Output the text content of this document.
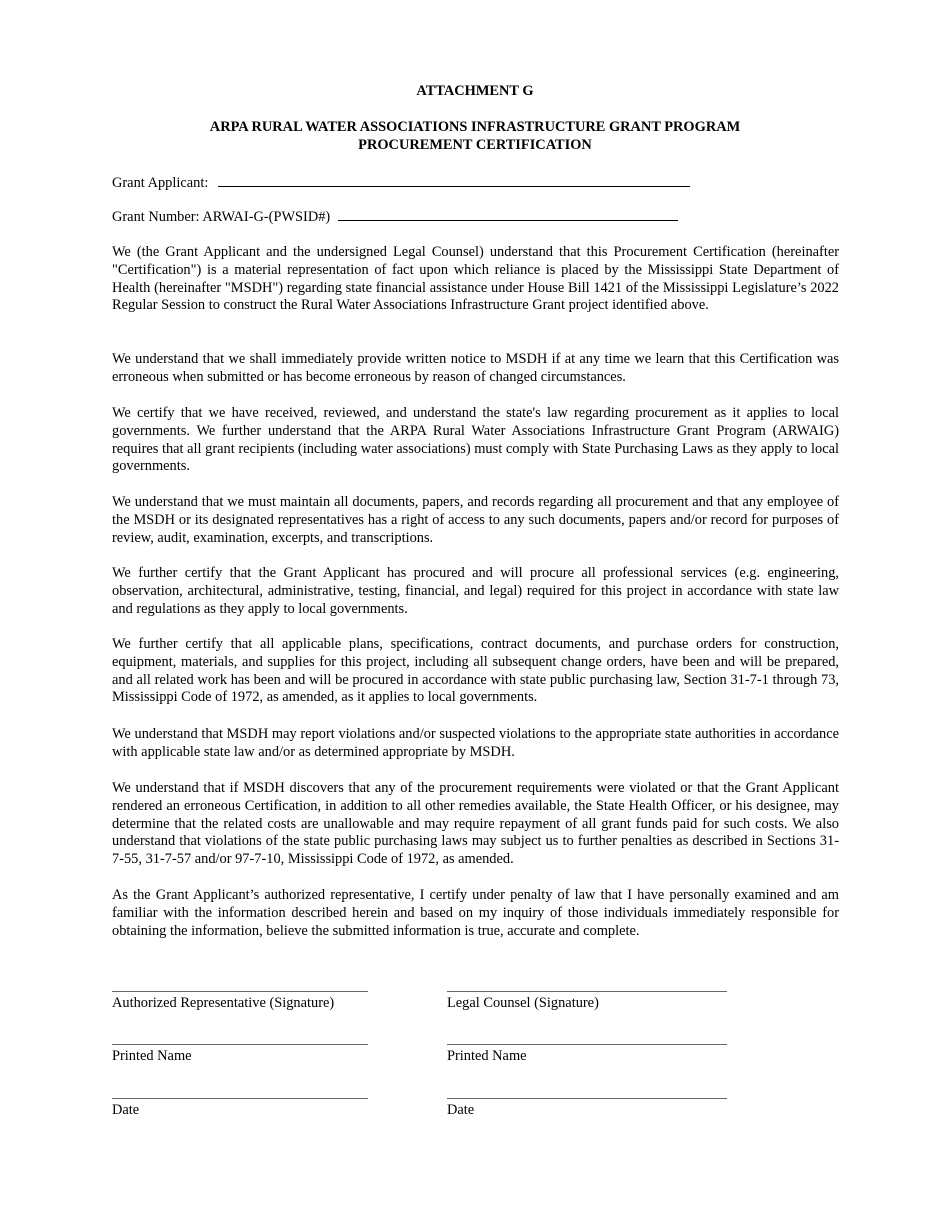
ATTACHMENT G
ARPA RURAL WATER ASSOCIATIONS INFRASTRUCTURE GRANT PROGRAM
PROCUREMENT CERTIFICATION
Grant Applicant:
Grant Number: ARWAI-G-(PWSID#)
We (the Grant Applicant and the undersigned Legal Counsel) understand that this Procurement Certification (hereinafter "Certification") is a material representation of fact upon which reliance is placed by the Mississippi State Department of Health (hereinafter "MSDH") regarding state financial assistance under House Bill 1421 of the Mississippi Legislature’s 2022 Regular Session to construct the Rural Water Associations Infrastructure Grant project identified above.
We understand that we shall immediately provide written notice to MSDH if at any time we learn that this Certification was erroneous when submitted or has become erroneous by reason of changed circumstances.
We certify that we have received, reviewed, and understand the state's law regarding procurement as it applies to local governments. We further understand that the ARPA Rural Water Associations Infrastructure Grant Program (ARWAIG) requires that all grant recipients (including water associations) must comply with State Purchasing Laws as they apply to local governments.
We understand that we must maintain all documents, papers, and records regarding all procurement and that any employee of the MSDH or its designated representatives has a right of access to any such documents, papers and/or record for purposes of review, audit, examination, excerpts, and transcriptions.
We further certify that the Grant Applicant has procured and will procure all professional services (e.g. engineering, observation, architectural, administrative, testing, financial, and legal) required for this project in accordance with state law and regulations as they apply to local governments.
We further certify that all applicable plans, specifications, contract documents, and purchase orders for construction, equipment, materials, and supplies for this project, including all subsequent change orders, have been and will be prepared, and all related work has been and will be procured in accordance with state public purchasing law, Section 31-7-1 through 73, Mississippi Code of 1972, as amended, as it applies to local governments.
We understand that MSDH may report violations and/or suspected violations to the appropriate state authorities in accordance with applicable state law and/or as determined appropriate by MSDH.
We understand that if MSDH discovers that any of the procurement requirements were violated or that the Grant Applicant rendered an erroneous Certification, in addition to all other remedies available, the State Health Officer, or his designee, may determine that the related costs are unallowable and may require repayment of all grant funds paid for such costs. We also understand that violations of the state public purchasing laws may subject us to further penalties as described in Sections 31-7-55, 31-7-57 and/or 97-7-10, Mississippi Code of 1972, as amended.
As the Grant Applicant’s authorized representative, I certify under penalty of law that I have personally examined and am familiar with the information described herein and based on my inquiry of those individuals immediately responsible for obtaining the information, believe the submitted information is true, accurate and complete.
Authorized Representative (Signature)	Legal Counsel (Signature)
Printed Name	Printed Name
Date	Date
